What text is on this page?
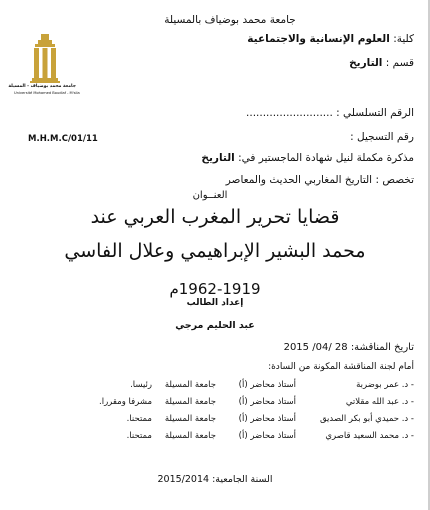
جامعة محمد بوضياف بالمسيلة
كلية: العلوم الإنسانية والاجتماعية
قسم : التاريخ
جامعة محمد بوضياف - المسيلة
Université Mohamed Boudiaf - M'sila
الرقم التسلسلي : ..........................
رقم التسجيل :
M.H.M.C/01/11
مذكرة مكملة لنيل شهادة الماجستير في: التاريخ
تخصص : التاريخ المغاربي الحديث والمعاصر
العنــوان
قضايا تحرير المغرب العربي عند
محمد البشير الإبراهيمي وعلال الفاسي
1962-1919م
إعداد الطالب
عبد الحليم مرجي
تاريخ المناقشة: 28 /04/ 2015
أمام لجنة المناقشة المكونة من السادة:
- د. عمر بوضربة
أستاذ محاضر (أ)
جامعة المسيلة
رئيسا.
- د. عبد الله مقلاتي
أستاذ محاضر (أ)
جامعة المسيلة
مشرفا ومقررا.
- د. حميدي أبو بكر الصديق
أستاذ محاضر (أ)
جامعة المسيلة
ممتحنا.
- د. محمد السعيد قاصري
أستاذ محاضر (أ)
جامعة المسيلة
ممتحنا.
السنة الجامعية: 2015/2014
